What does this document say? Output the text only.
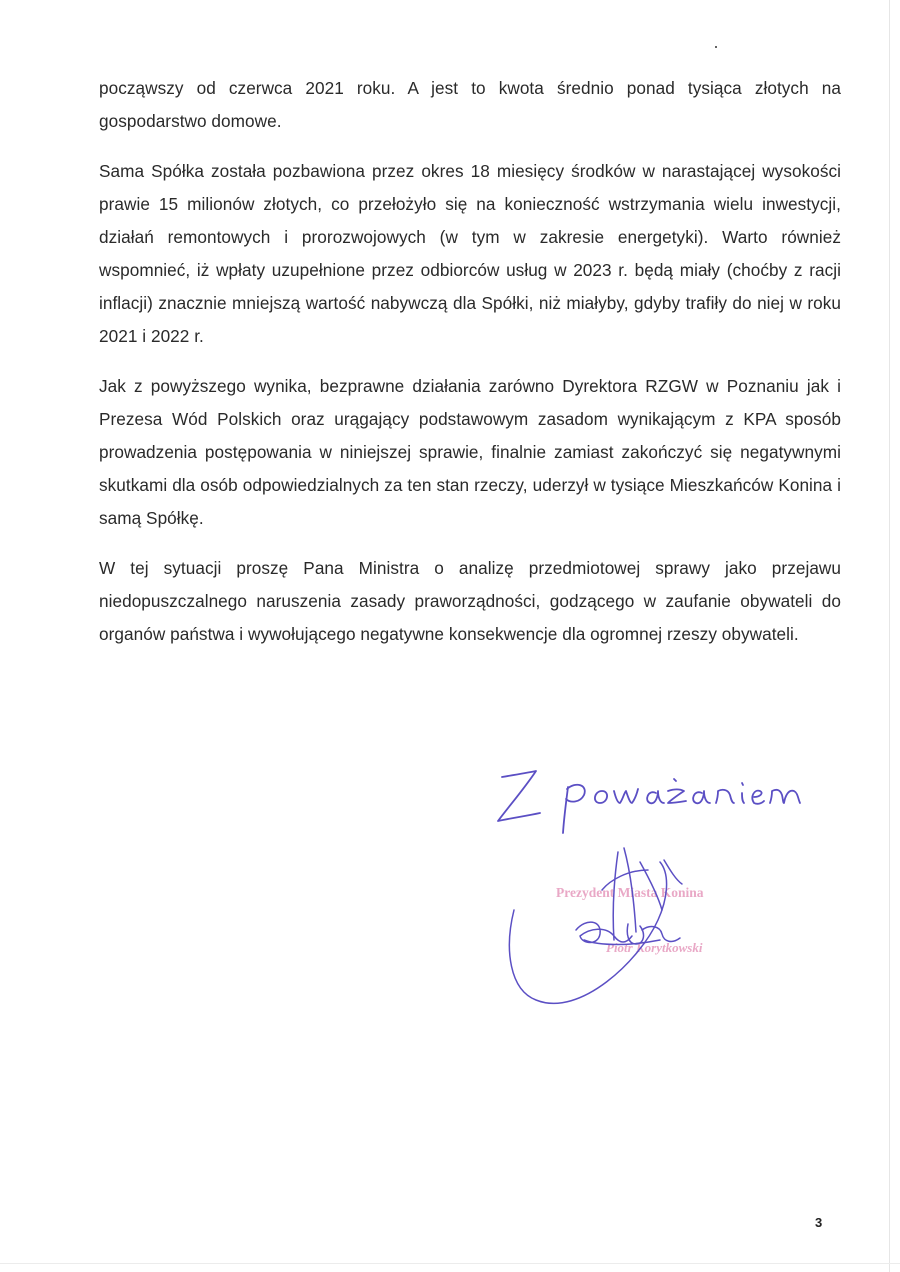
począwszy od czerwca 2021 roku. A jest to kwota średnio ponad tysiąca złotych na gospodarstwo domowe.

Sama Spółka została pozbawiona przez okres 18 miesięcy środków w narastającej wysokości prawie 15 milionów złotych, co przełożyło się na konieczność wstrzymania wielu inwestycji, działań remontowych i prorozwojowych (w tym w zakresie energetyki). Warto również wspomnieć, iż wpłaty uzupełnione przez odbiorców usług w 2023 r. będą miały (choćby z racji inflacji) znacznie mniejszą wartość nabywczą dla Spółki, niż miałyby, gdyby trafiły do niej w roku 2021 i 2022 r.

Jak z powyższego wynika, bezprawne działania zarówno Dyrektora RZGW w Poznaniu jak i Prezesa Wód Polskich oraz urągający podstawowym zasadom wynikającym z KPA sposób prowadzenia postępowania w niniejszej sprawie, finalnie zamiast zakończyć się negatywnymi skutkami dla osób odpowiedzialnych za ten stan rzeczy, uderzył w tysiące Mieszkańców Konina i samą Spółkę.

W tej sytuacji proszę Pana Ministra o analizę przedmiotowej sprawy jako przejawu niedopuszczalnego naruszenia zasady praworządności, godzącego w zaufanie obywateli do organów państwa i wywołującego negatywne konsekwencje dla ogromnej rzeszy obywateli.

Prezydent Miasta Konina
Piotr Korytkowski
3
